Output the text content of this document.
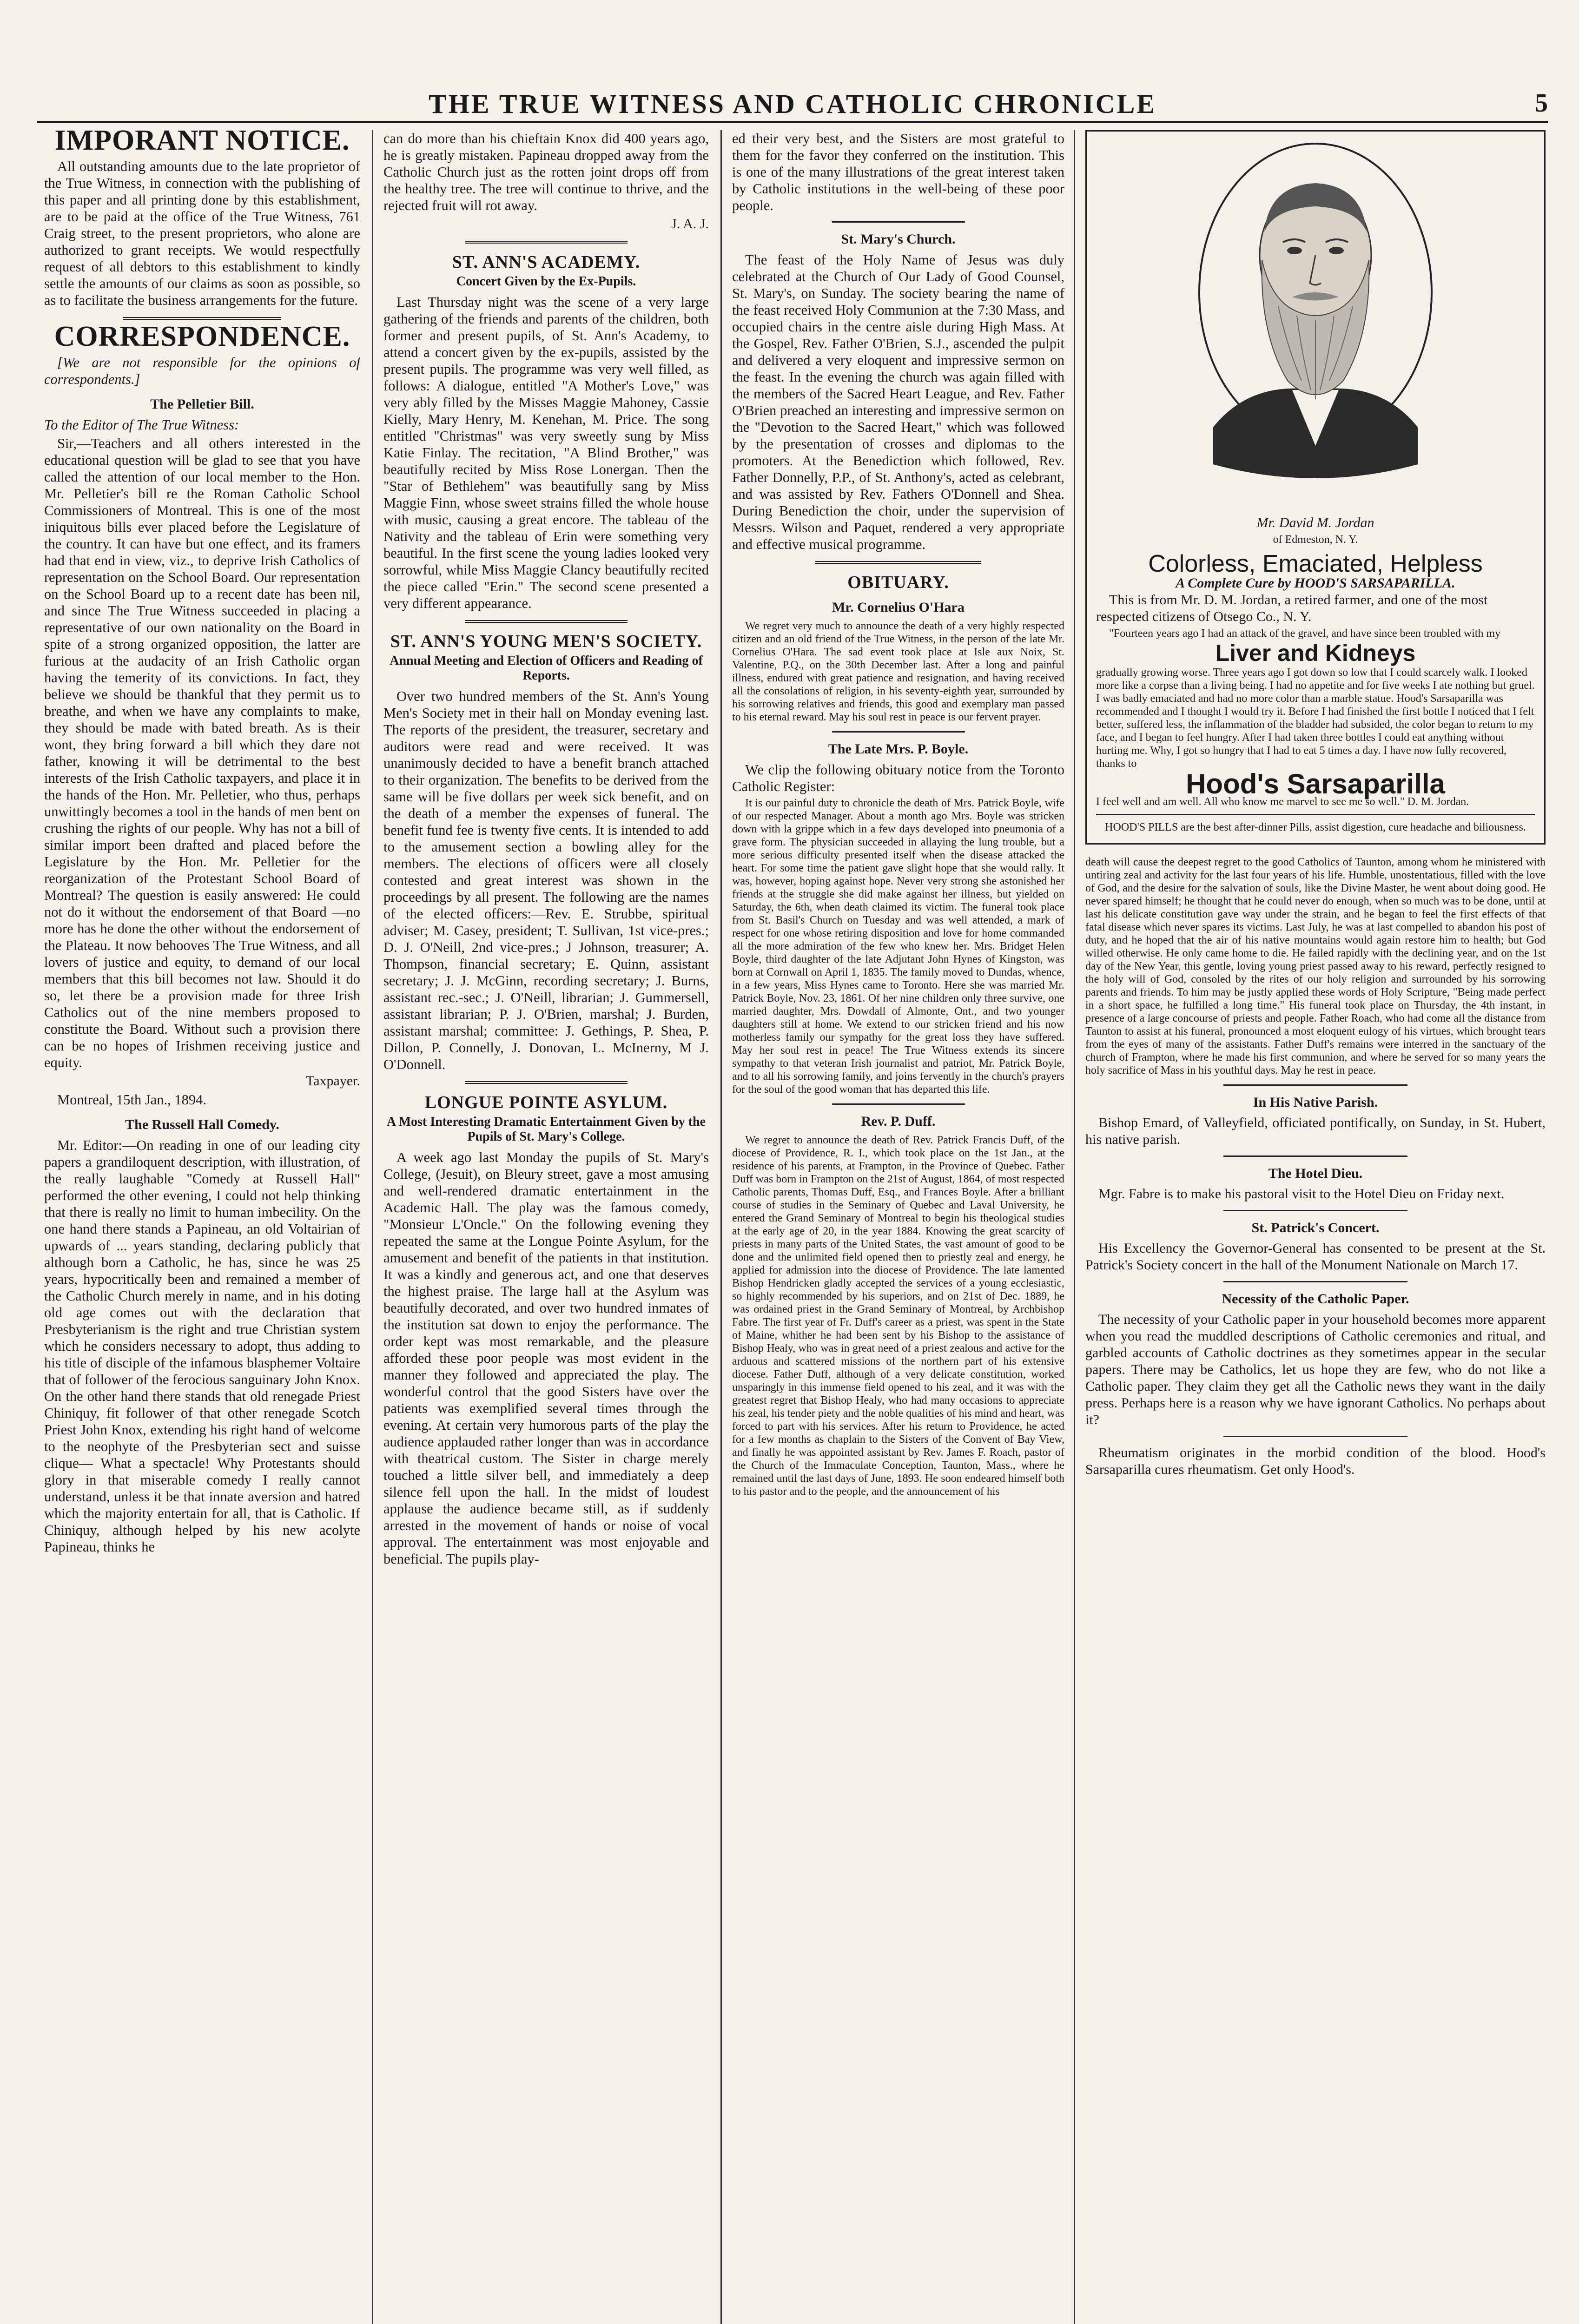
THE TRUE WITNESS AND CATHOLIC CHRONICLE	5
IMPORANT NOTICE.

All outstanding amounts due to the late proprietor of the True Witness, in connection with the publishing of this paper and all printing done by this establishment, are to be paid at the office of the True Witness, 761 Craig street, to the present proprietors, who alone are authorized to grant receipts. We would respectfully request of all debtors to this establishment to kindly settle the amounts of our claims as soon as possible, so as to facilitate the business arrangements for the future.

CORRESPONDENCE.

[We are not responsible for the opinions of correspondents.]

The Pelletier Bill.

To the Editor of The True Witness:

Sir,—Teachers and all others interested in the educational question will be glad to see that you have called the attention of our local member to the Hon. Mr. Pelletier's bill re the Roman Catholic School Commissioners of Montreal. This is one of the most iniquitous bills ever placed before the Legislature of the country. It can have but one effect, and its framers had that end in view, viz., to deprive Irish Catholics of representation on the School Board. Our representation on the School Board up to a recent date has been nil, and since The True Witness succeeded in placing a representative of our own nationality on the Board in spite of a strong organized opposition, the latter are furious at the audacity of an Irish Catholic organ having the temerity of its convictions. In fact, they believe we should be thankful that they permit us to breathe, and when we have any complaints to make, they should be made with bated breath. As is their wont, they bring forward a bill which they dare not father, knowing it will be detrimental to the best interests of the Irish Catholic taxpayers, and place it in the hands of the Hon. Mr. Pelletier, who thus, perhaps unwittingly becomes a tool in the hands of men bent on crushing the rights of our people. Why has not a bill of similar import been drafted and placed before the Legislature by the Hon. Mr. Pelletier for the reorganization of the Protestant School Board of Montreal? The question is easily answered: He could not do it without the endorsement of that Board —no more has he done the other without the endorsement of the Plateau. It now behooves The True Witness, and all lovers of justice and equity, to demand of our local members that this bill becomes not law. Should it do so, let there be a provision made for three Irish Catholics out of the nine members proposed to constitute the Board. Without such a provision there can be no hopes of Irishmen receiving justice and equity.

Taxpayer.

Montreal, 15th Jan., 1894.

The Russell Hall Comedy.

Mr. Editor:—On reading in one of our leading city papers a grandiloquent description, with illustration, of the really laughable "Comedy at Russell Hall" performed the other evening, I could not help thinking that there is really no limit to human imbecility. On the one hand there stands a Papineau, an old Voltairian of upwards of ... years standing, declaring publicly that although born a Catholic, he has, since he was 25 years, hypocritically been and remained a member of the Catholic Church merely in name, and in his doting old age comes out with the declaration that Presbyterianism is the right and true Christian system which he considers necessary to adopt, thus adding to his title of disciple of the infamous blasphemer Voltaire that of follower of the ferocious sanguinary John Knox. On the other hand there stands that old renegade Priest Chiniquy, fit follower of that other renegade Scotch Priest John Knox, extending his right hand of welcome to the neophyte of the Presbyterian sect and suisse clique— What a spectacle! Why Protestants should glory in that miserable comedy I really cannot understand, unless it be that innate aversion and hatred which the majority entertain for all, that is Catholic. If Chiniquy, although helped by his new acolyte Papineau, thinks he

can do more than his chieftain Knox did 400 years ago, he is greatly mistaken. Papineau dropped away from the Catholic Church just as the rotten joint drops off from the healthy tree. The tree will continue to thrive, and the rejected fruit will rot away.

J. A. J.
ST. ANN'S ACADEMY.
Concert Given by the Ex-Pupils.

Last Thursday night was the scene of a very large gathering of the friends and parents of the children, both former and present pupils, of St. Ann's Academy, to attend a concert given by the ex-pupils, assisted by the present pupils. The programme was very well filled, as follows: A dialogue, entitled "A Mother's Love," was very ably filled by the Misses Maggie Mahoney, Cassie Kielly, Mary Henry, M. Kenehan, M. Price. The song entitled "Christmas" was very sweetly sung by Miss Katie Finlay. The recitation, "A Blind Brother," was beautifully recited by Miss Rose Lonergan. Then the "Star of Bethlehem" was beautifully sang by Miss Maggie Finn, whose sweet strains filled the whole house with music, causing a great encore. The tableau of the Nativity and the tableau of Erin were something very beautiful. In the first scene the young ladies looked very sorrowful, while Miss Maggie Clancy beautifully recited the piece called "Erin." The second scene presented a very different appearance.

ST. ANN'S YOUNG MEN'S SOCIETY.
Annual Meeting and Election of Officers and Reading of Reports.

Over two hundred members of the St. Ann's Young Men's Society met in their hall on Monday evening last. The reports of the president, the treasurer, secretary and auditors were read and were received. It was unanimously decided to have a benefit branch attached to their organization. The benefits to be derived from the same will be five dollars per week sick benefit, and on the death of a member the expenses of funeral. The benefit fund fee is twenty five cents. It is intended to add to the amusement section a bowling alley for the members. The elections of officers were all closely contested and great interest was shown in the proceedings by all present. The following are the names of the elected officers:—Rev. E. Strubbe, spiritual adviser; M. Casey, president; T. Sullivan, 1st vice-pres.; D. J. O'Neill, 2nd vice-pres.; J Johnson, treasurer; A. Thompson, financial secretary; E. Quinn, assistant secretary; J. J. McGinn, recording secretary; J. Burns, assistant rec.-sec.; J. O'Neill, librarian; J. Gummersell, assistant librarian; P. J. O'Brien, marshal; J. Burden, assistant marshal; committee: J. Gethings, P. Shea, P. Dillon, P. Connelly, J. Donovan, L. McInerny, M J. O'Donnell.

LONGUE POINTE ASYLUM.
A Most Interesting Dramatic Entertainment Given by the Pupils of St. Mary's College.

A week ago last Monday the pupils of St. Mary's College, (Jesuit), on Bleury street, gave a most amusing and well-rendered dramatic entertainment in the Academic Hall. The play was the famous comedy, "Monsieur L'Oncle." On the following evening they repeated the same at the Longue Pointe Asylum, for the amusement and benefit of the patients in that institution. It was a kindly and generous act, and one that deserves the highest praise. The large hall at the Asylum was beautifully decorated, and over two hundred inmates of the institution sat down to enjoy the performance. The order kept was most remarkable, and the pleasure afforded these poor people was most evident in the manner they followed and appreciated the play. The wonderful control that the good Sisters have over the patients was exemplified several times through the evening. At certain very humorous parts of the play the audience applauded rather longer than was in accordance with theatrical custom. The Sister in charge merely touched a little silver bell, and immediately a deep silence fell upon the hall. In the midst of loudest applause the audience became still, as if suddenly arrested in the movement of hands or noise of vocal approval. The entertainment was most enjoyable and beneficial. The pupils play-

ed their very best, and the Sisters are most grateful to them for the favor they conferred on the institution. This is one of the many illustrations of the great interest taken by Catholic institutions in the well-being of these poor people.

St. Mary's Church.

The feast of the Holy Name of Jesus was duly celebrated at the Church of Our Lady of Good Counsel, St. Mary's, on Sunday. The society bearing the name of the feast received Holy Communion at the 7:30 Mass, and occupied chairs in the centre aisle during High Mass. At the Gospel, Rev. Father O'Brien, S.J., ascended the pulpit and delivered a very eloquent and impressive sermon on the feast. In the evening the church was again filled with the members of the Sacred Heart League, and Rev. Father O'Brien preached an interesting and impressive sermon on the "Devotion to the Sacred Heart," which was followed by the presentation of crosses and diplomas to the promoters. At the Benediction which followed, Rev. Father Donnelly, P.P., of St. Anthony's, acted as celebrant, and was assisted by Rev. Fathers O'Donnell and Shea. During Benediction the choir, under the supervision of Messrs. Wilson and Paquet, rendered a very appropriate and effective musical programme.

OBITUARY.
Mr. Cornelius O'Hara

We regret very much to announce the death of a very highly respected citizen and an old friend of the True Witness, in the person of the late Mr. Cornelius O'Hara. The sad event took place at Isle aux Noix, St. Valentine, P.Q., on the 30th December last. After a long and painful illness, endured with great patience and resignation, and having received all the consolations of religion, in his seventy-eighth year, surrounded by his sorrowing relatives and friends, this good and exemplary man passed to his eternal reward. May his soul rest in peace is our fervent prayer.

The Late Mrs. P. Boyle.

We clip the following obituary notice from the Toronto Catholic Register:

It is our painful duty to chronicle the death of Mrs. Patrick Boyle, wife of our respected Manager. About a month ago Mrs. Boyle was stricken down with la grippe which in a few days developed into pneumonia of a grave form. The physician succeeded in allaying the lung trouble, but a more serious difficulty presented itself when the disease attacked the heart. For some time the patient gave slight hope that she would rally. It was, however, hoping against hope. Never very strong she astonished her friends at the struggle she did make against her illness, but yielded on Saturday, the 6th, when death claimed its victim. The funeral took place from St. Basil's Church on Tuesday and was well attended, a mark of respect for one whose retiring disposition and love for home commanded all the more admiration of the few who knew her. Mrs. Bridget Helen Boyle, third daughter of the late Adjutant John Hynes of Kingston, was born at Cornwall on April 1, 1835. The family moved to Dundas, whence, in a few years, Miss Hynes came to Toronto. Here she was married Mr. Patrick Boyle, Nov. 23, 1861. Of her nine children only three survive, one married daughter, Mrs. Dowdall of Almonte, Ont., and two younger daughters still at home. We extend to our stricken friend and his now motherless family our sympathy for the great loss they have suffered. May her soul rest in peace! The True Witness extends its sincere sympathy to that veteran Irish journalist and patriot, Mr. Patrick Boyle, and to all his sorrowing family, and joins fervently in the church's prayers for the soul of the good woman that has departed this life.

Rev. P. Duff.

We regret to announce the death of Rev. Patrick Francis Duff, of the diocese of Providence, R. I., which took place on the 1st Jan., at the residence of his parents, at Frampton, in the Province of Quebec. Father Duff was born in Frampton on the 21st of August, 1864, of most respected Catholic parents, Thomas Duff, Esq., and Frances Boyle. After a brilliant course of studies in the Seminary of Quebec and Laval University, he entered the Grand Seminary of Montreal to begin his theological studies at the early age of 20, in the year 1884. Knowing the great scarcity of priests in many parts of the United States, the vast amount of good to be done and the unlimited field opened then to priestly zeal and energy, he applied for admission into the diocese of Providence. The late lamented Bishop Hendricken gladly accepted the services of a young ecclesiastic, so highly recommended by his superiors, and on 21st of Dec. 1889, he was ordained priest in the Grand Seminary of Montreal, by Archbishop Fabre. The first year of Fr. Duff's career as a priest, was spent in the State of Maine, whither he had been sent by his Bishop to the assistance of Bishop Healy, who was in great need of a priest zealous and active for the arduous and scattered missions of the northern part of his extensive diocese. Father Duff, although of a very delicate constitution, worked unsparingly in this immense field opened to his zeal, and it was with the greatest regret that Bishop Healy, who had many occasions to appreciate his zeal, his tender piety and the noble qualities of his mind and heart, was forced to part with his services. After his return to Providence, he acted for a few months as chaplain to the Sisters of the Convent of Bay View, and finally he was appointed assistant by Rev. James F. Roach, pastor of the Church of the Immaculate Conception, Taunton, Mass., where he remained until the last days of June, 1893. He soon endeared himself both to his pastor and to the people, and the announcement of his

Mr. David M. Jordan
of Edmeston, N. Y.
Colorless, Emaciated, Helpless
A Complete Cure by HOOD'S SARSAPARILLA.

This is from Mr. D. M. Jordan, a retired farmer, and one of the most respected citizens of Otsego Co., N. Y.

"Fourteen years ago I had an attack of the gravel, and have since been troubled with my

Liver and Kidneys

gradually growing worse. Three years ago I got down so low that I could scarcely walk. I looked more like a corpse than a living being. I had no appetite and for five weeks I ate nothing but gruel. I was badly emaciated and had no more color than a marble statue. Hood's Sarsaparilla was recommended and I thought I would try it. Before I had finished the first bottle I noticed that I felt better, suffered less, the inflammation of the bladder had subsided, the color began to return to my face, and I began to feel hungry. After I had taken three bottles I could eat anything without hurting me. Why, I got so hungry that I had to eat 5 times a day. I have now fully recovered, thanks to

Hood's Sarsaparilla

I feel well and am well. All who know me marvel to see me so well." D. M. Jordan.

HOOD'S PILLS are the best after-dinner Pills, assist digestion, cure headache and biliousness.

death will cause the deepest regret to the good Catholics of Taunton, among whom he ministered with untiring zeal and activity for the last four years of his life. Humble, unostentatious, filled with the love of God, and the desire for the salvation of souls, like the Divine Master, he went about doing good. He never spared himself; he thought that he could never do enough, when so much was to be done, until at last his delicate constitution gave way under the strain, and he began to feel the first effects of that fatal disease which never spares its victims. Last July, he was at last compelled to abandon his post of duty, and he hoped that the air of his native mountains would again restore him to health; but God willed otherwise. He only came home to die. He failed rapidly with the declining year, and on the 1st day of the New Year, this gentle, loving young priest passed away to his reward, perfectly resigned to the holy will of God, consoled by the rites of our holy religion and surrounded by his sorrowing parents and friends. To him may be justly applied these words of Holy Scripture, "Being made perfect in a short space, he fulfilled a long time." His funeral took place on Thursday, the 4th instant, in presence of a large concourse of priests and people. Father Roach, who had come all the distance from Taunton to assist at his funeral, pronounced a most eloquent eulogy of his virtues, which brought tears from the eyes of many of the assistants. Father Duff's remains were interred in the sanctuary of the church of Frampton, where he made his first communion, and where he served for so many years the holy sacrifice of Mass in his youthful days. May he rest in peace.

In His Native Parish.

Bishop Emard, of Valleyfield, officiated pontifically, on Sunday, in St. Hubert, his native parish.

The Hotel Dieu.

Mgr. Fabre is to make his pastoral visit to the Hotel Dieu on Friday next.

St. Patrick's Concert.

His Excellency the Governor-General has consented to be present at the St. Patrick's Society concert in the hall of the Monument Nationale on March 17.

Necessity of the Catholic Paper.

The necessity of your Catholic paper in your household becomes more apparent when you read the muddled descriptions of Catholic ceremonies and ritual, and garbled accounts of Catholic doctrines as they sometimes appear in the secular papers. There may be Catholics, let us hope they are few, who do not like a Catholic paper. They claim they get all the Catholic news they want in the daily press. Perhaps here is a reason why we have ignorant Catholics. No perhaps about it?

Rheumatism originates in the morbid condition of the blood. Hood's Sarsaparilla cures rheumatism. Get only Hood's.
